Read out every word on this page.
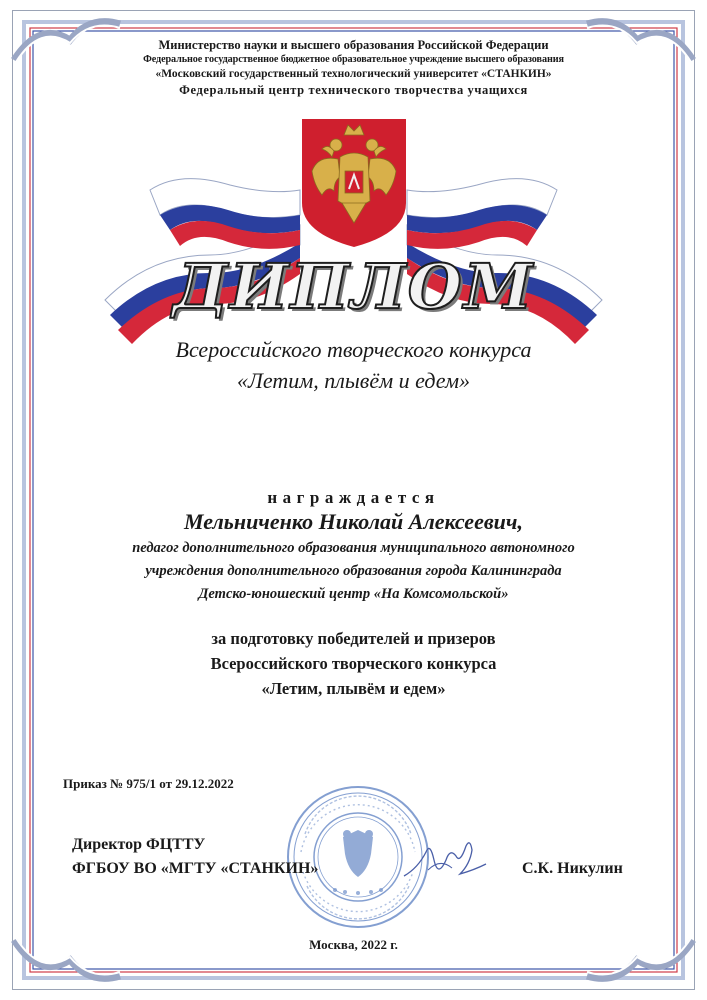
Министерство науки и высшего образования Российской Федерации
Федеральное государственное бюджетное образовательное учреждение высшего образования
«Московский государственный технологический университет «СТАНКИН»
Федеральный центр технического творчества учащихся
ДИПЛОМ
Всероссийского творческого конкурса
«Летим, плывём и едем»
награждается
Мельниченко Николай Алексеевич,
педагог дополнительного образования муниципального автономного
учреждения дополнительного образования города Калининграда
Детско-юношеский центр «На Комсомольской»
за подготовку победителей и призеров
Всероссийского творческого конкурса
«Летим, плывём и едем»
Приказ № 975/1 от 29.12.2022
Директор ФЦТТУ
ФГБОУ ВО «МГТУ «СТАНКИН»	С.К. Никулин
Москва, 2022 г.
